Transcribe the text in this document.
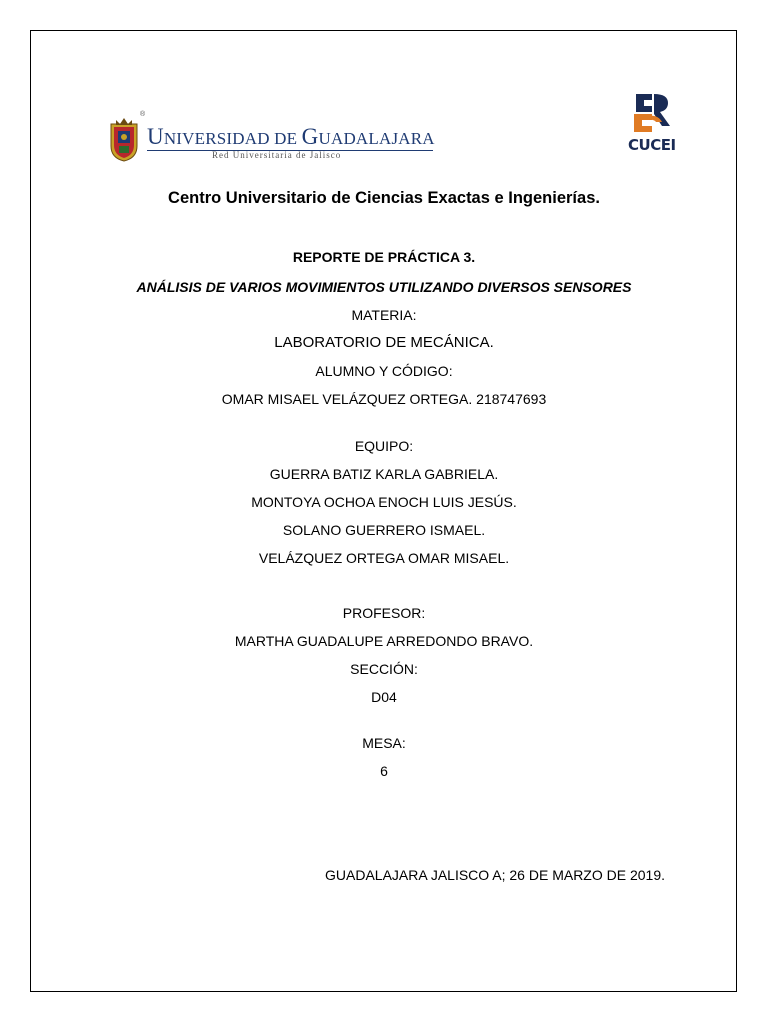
®
UNIVERSIDAD DE GUADALAJARA
Red Universitaria de Jalisco
CUCEI
Centro Universitario de Ciencias Exactas e Ingenierías.
REPORTE DE PRÁCTICA 3.
ANÁLISIS DE VARIOS MOVIMIENTOS UTILIZANDO DIVERSOS SENSORES
MATERIA:
LABORATORIO DE MECÁNICA.
ALUMNO Y CÓDIGO:
OMAR MISAEL VELÁZQUEZ ORTEGA. 218747693
EQUIPO:
GUERRA BATIZ KARLA GABRIELA.
MONTOYA OCHOA ENOCH LUIS JESÚS.
SOLANO GUERRERO ISMAEL.
VELÁZQUEZ ORTEGA OMAR MISAEL.
PROFESOR:
MARTHA GUADALUPE ARREDONDO BRAVO.
SECCIÓN:
D04
MESA:
6
GUADALAJARA JALISCO A; 26 DE MARZO DE 2019.
